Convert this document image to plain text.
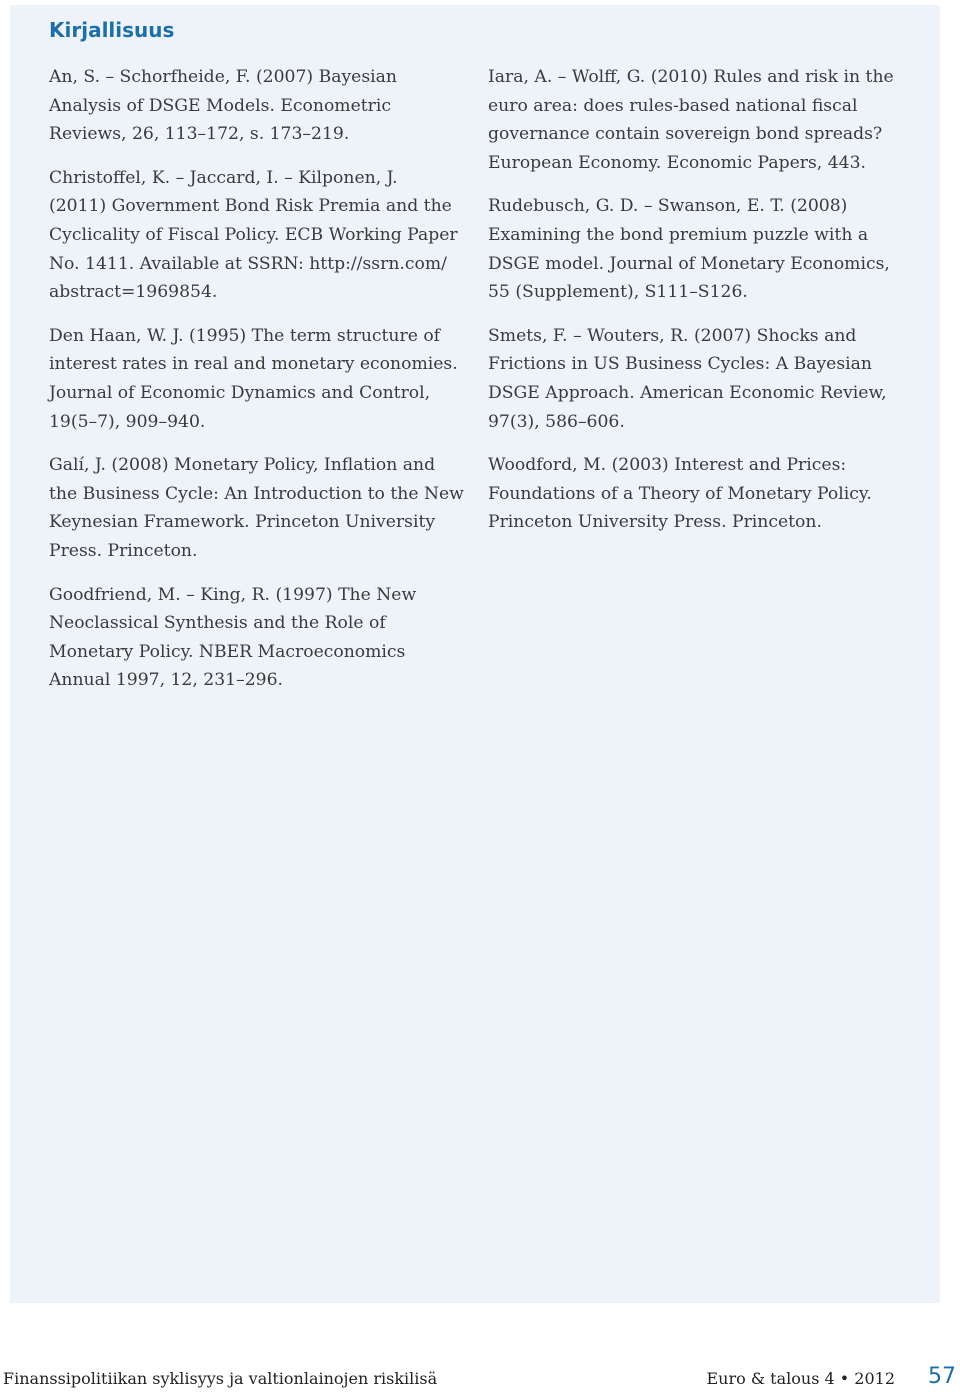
Kirjallisuus

An, S. – Schorfheide, F. (2007) Bayesian
Analysis of DSGE Models. Econometric
Reviews, 26, 113–172, s. 173–219.

Christoffel, K. – Jaccard, I. – Kilponen, J.
(2011) Government Bond Risk Premia and the
Cyclicality of Fiscal Policy. ECB Working Paper
No. 1411. Available at SSRN: http://ssrn.com/
abstract=1969854.

Den Haan, W. J. (1995) The term structure of
interest rates in real and monetary economies.
Journal of Economic Dynamics and Control,
19(5–7), 909–940.

Galí, J. (2008) Monetary Policy, Inflation and
the Business Cycle: An Introduction to the New
Keynesian Framework. Princeton University
Press. Princeton.

Goodfriend, M. – King, R. (1997) The New
Neoclassical Synthesis and the Role of
Monetary Policy. NBER Macroeconomics
Annual 1997, 12, 231–296.

Iara, A. – Wolff, G. (2010) Rules and risk in the
euro area: does rules-based national fiscal
governance contain sovereign bond spreads?
European Economy. Economic Papers, 443.

Rudebusch, G. D. – Swanson, E. T. (2008)
Examining the bond premium puzzle with a
DSGE model. Journal of Monetary Economics,
55 (Supplement), S111–S126.

Smets, F. – Wouters, R. (2007) Shocks and
Frictions in US Business Cycles: A Bayesian
DSGE Approach. American Economic Review,
97(3), 586–606.

Woodford, M. (2003) Interest and Prices:
Foundations of a Theory of Monetary Policy.
Princeton University Press. Princeton.

Finanssipolitiikan syklisyys ja valtionlainojen riskilisä	Euro & talous 4 • 2012 57
